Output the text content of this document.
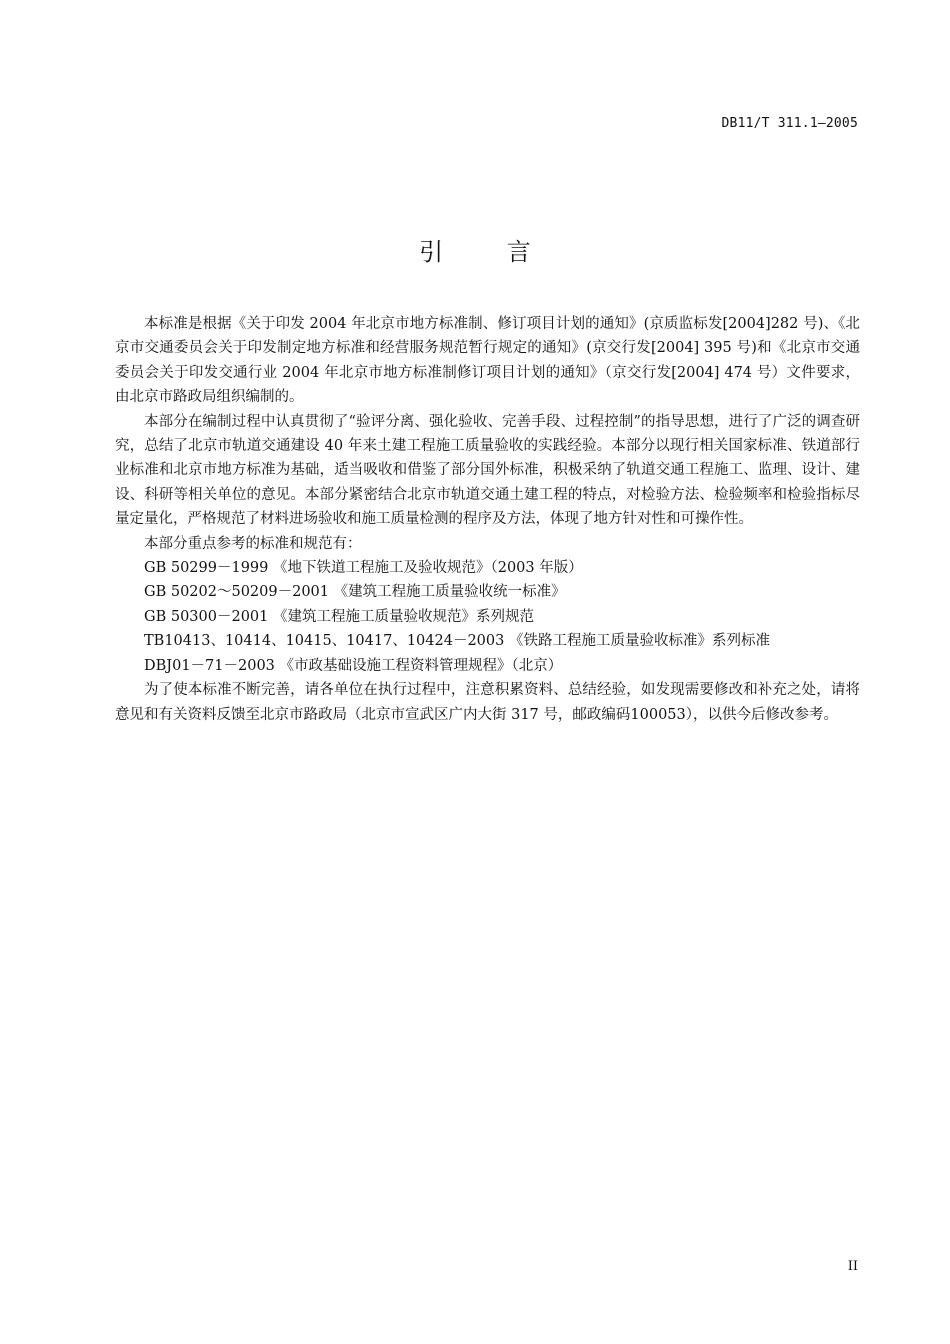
DB11/T 311.1—2005
引 言

本标准是根据《关于印发 2004 年北京市地方标准制、修订项目计划的通知》(京质监标发[2004]282 号)、《北京市交通委员会关于印发制定地方标准和经营服务规范暂行规定的通知》(京交行发[2004] 395 号)和《北京市交通委员会关于印发交通行业 2004 年北京市地方标准制修订项目计划的通知》（京交行发[2004] 474 号）文件要求，由北京市路政局组织编制的。

本部分在编制过程中认真贯彻了“验评分离、强化验收、完善手段、过程控制”的指导思想，进行了广泛的调查研究，总结了北京市轨道交通建设 40 年来土建工程施工质量验收的实践经验。本部分以现行相关国家标准、铁道部行业标准和北京市地方标准为基础，适当吸收和借鉴了部分国外标准，积极采纳了轨道交通工程施工、监理、设计、建设、科研等相关单位的意见。本部分紧密结合北京市轨道交通土建工程的特点，对检验方法、检验频率和检验指标尽量定量化，严格规范了材料进场验收和施工质量检测的程序及方法，体现了地方针对性和可操作性。

本部分重点参考的标准和规范有：

GB 50299－1999 《地下铁道工程施工及验收规范》（2003 年版）

GB 50202～50209－2001 《建筑工程施工质量验收统一标准》

GB 50300－2001 《建筑工程施工质量验收规范》系列规范

TB10413、10414、10415、10417、10424－2003 《铁路工程施工质量验收标准》系列标准

DBJ01－71－2003 《市政基础设施工程资料管理规程》（北京）

为了使本标准不断完善，请各单位在执行过程中，注意积累资料、总结经验，如发现需要修改和补充之处，请将意见和有关资料反馈至北京市路政局（北京市宣武区广内大街 317 号，邮政编码100053），以供今后修改参考。

II
